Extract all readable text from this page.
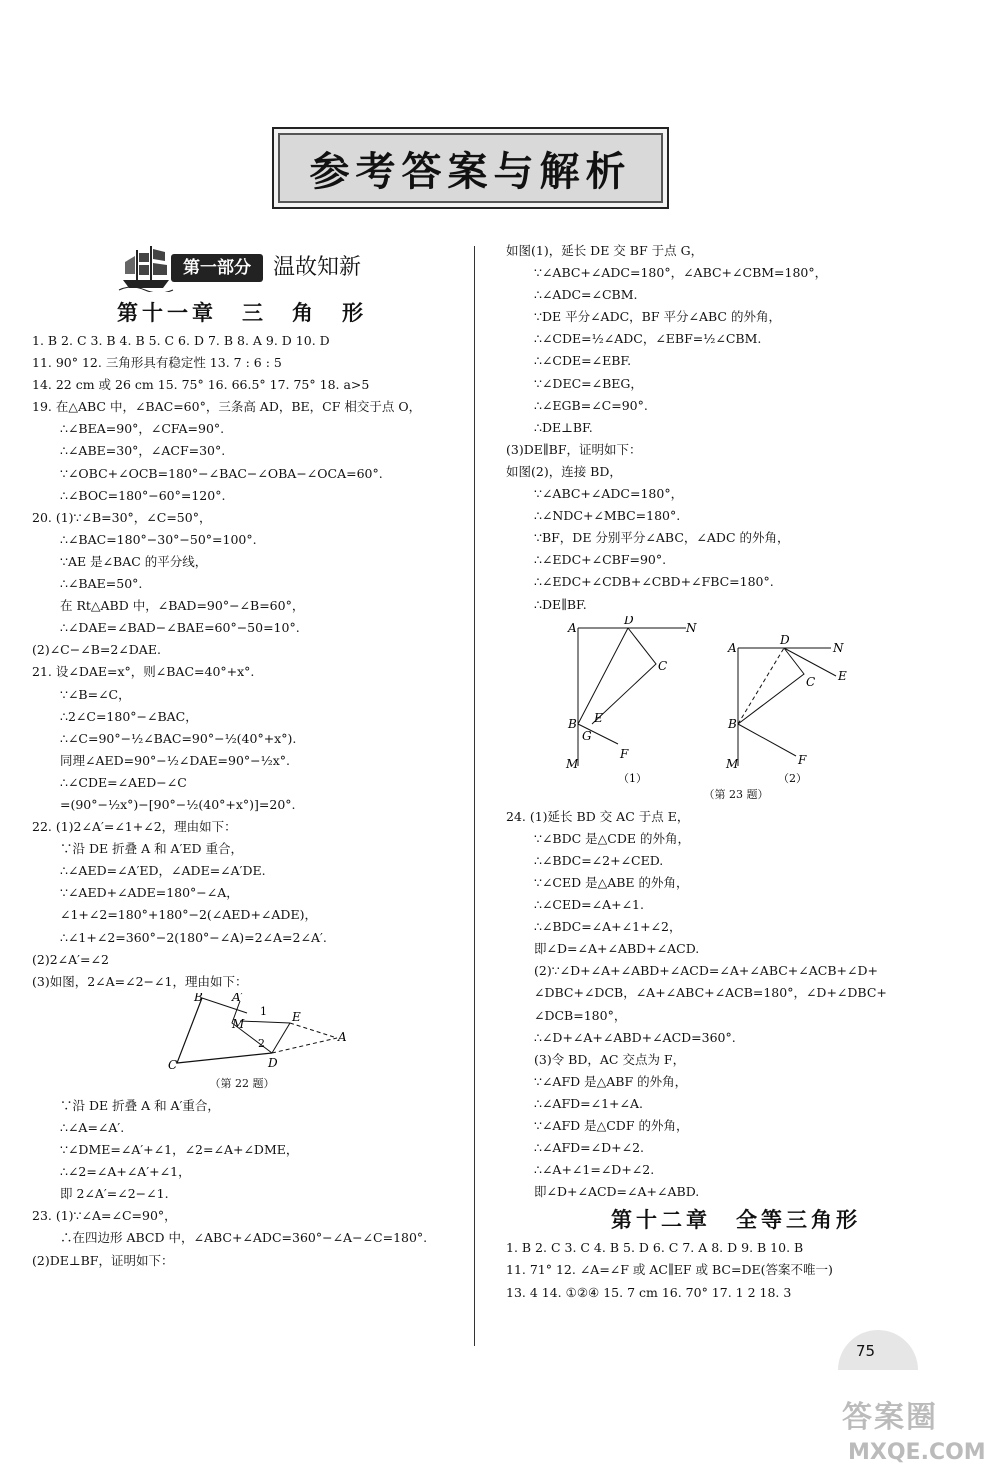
参考答案与解析
第一部分	温故知新
第十一章　三　角　形
1. B 2. C 3. B 4. B 5. C 6. D 7. B 8. A 9. D 10. D
11. 90° 12. 三角形具有稳定性 13. 7 : 6 : 5
14. 22 cm 或 26 cm 15. 75° 16. 66.5° 17. 75° 18. a>5
19. 在△ABC 中，∠BAC=60°，三条高 AD，BE，CF 相交于点 O，
∴∠BEA=90°，∠CFA=90°.
∴∠ABE=30°，∠ACF=30°.
∵∠OBC+∠OCB=180°−∠BAC−∠OBA−∠OCA=60°.
∴∠BOC=180°−60°=120°.
20. (1)∵∠B=30°，∠C=50°，
∴∠BAC=180°−30°−50°=100°.
∵AE 是∠BAC 的平分线，
∴∠BAE=50°.
在 Rt△ABD 中，∠BAD=90°−∠B=60°，
∴∠DAE=∠BAD−∠BAE=60°−50=10°.
(2)∠C−∠B=2∠DAE.
21. 设∠DAE=x°，则∠BAC=40°+x°.
∵∠B=∠C，
∴2∠C=180°−∠BAC，
∴∠C=90°−½∠BAC=90°−½(40°+x°).
同理∠AED=90°−½∠DAE=90°−½x°.
∴∠CDE=∠AED−∠C
=(90°−½x°)−[90°−½(40°+x°)]=20°.
22. (1)2∠A′=∠1+∠2，理由如下：
∵沿 DE 折叠 A 和 A′ED 重合，
∴∠AED=∠A′ED，∠ADE=∠A′DE.
∵∠AED+∠ADE=180°−∠A，
∠1+∠2=180°+180°−2(∠AED+∠ADE)，
∴∠1+∠2=360°−2(180°−∠A)=2∠A=2∠A′.
(2)2∠A′=∠2
(3)如图，2∠A=∠2−∠1，理由如下：
B A′
1
M	E
2	A
C	D
（第 22 题）
∵沿 DE 折叠 A 和 A′重合，
∴∠A=∠A′.
∵∠DME=∠A′+∠1，∠2=∠A+∠DME，
∴∠2=∠A+∠A′+∠1，
即 2∠A′=∠2−∠1.
23. (1)∵∠A=∠C=90°，
∴在四边形 ABCD 中，∠ABC+∠ADC=360°−∠A−∠C=180°.
(2)DE⊥BF，证明如下：
如图(1)，延长 DE 交 BF 于点 G，
∵∠ABC+∠ADC=180°，∠ABC+∠CBM=180°，
∴∠ADC=∠CBM.
∵DE 平分∠ADC，BF 平分∠ABC 的外角，
∴∠CDE=½∠ADC，∠EBF=½∠CBM.
∴∠CDE=∠EBF.
∵∠DEC=∠BEG，
∴∠EGB=∠C=90°.
∴DE⊥BF.
(3)DE∥BF，证明如下：
如图(2)，连接 BD，
∵∠ABC+∠ADC=180°，
∴∠NDC+∠MBC=180°.
∵BF，DE 分别平分∠ABC，∠ADC 的外角，
∴∠EDC+∠CBF=90°.
∴∠EDC+∠CDB+∠CBD+∠FBC=180°.
∴DE∥BF.
A
D
N
C
B E
G
F
M
（1）
A
D
N
C E
B
F
M
（2）
（第 23 题）
24. (1)延长 BD 交 AC 于点 E，
∵∠BDC 是△CDE 的外角，
∴∠BDC=∠2+∠CED.
∵∠CED 是△ABE 的外角，
∴∠CED=∠A+∠1.
∴∠BDC=∠A+∠1+∠2，
即∠D=∠A+∠ABD+∠ACD.
(2)∵∠D+∠A+∠ABD+∠ACD=∠A+∠ABC+∠ACB+∠D+
∠DBC+∠DCB，∠A+∠ABC+∠ACB=180°，∠D+∠DBC+
∠DCB=180°，
∴∠D+∠A+∠ABD+∠ACD=360°.
(3)令 BD，AC 交点为 F，
∵∠AFD 是△ABF 的外角，
∴∠AFD=∠1+∠A.
∵∠AFD 是△CDF 的外角，
∴∠AFD=∠D+∠2.
∴∠A+∠1=∠D+∠2.
即∠D+∠ACD=∠A+∠ABD.
第十二章　全等三角形
1. B 2. C 3. C 4. B 5. D 6. C 7. A 8. D 9. B 10. B
11. 71° 12. ∠A=∠F 或 AC∥EF 或 BC=DE(答案不唯一)
13. 4 14. ①②④ 15. 7 cm 16. 70° 17. 1 2 18. 3
75
答案圈
MXQE.COM
